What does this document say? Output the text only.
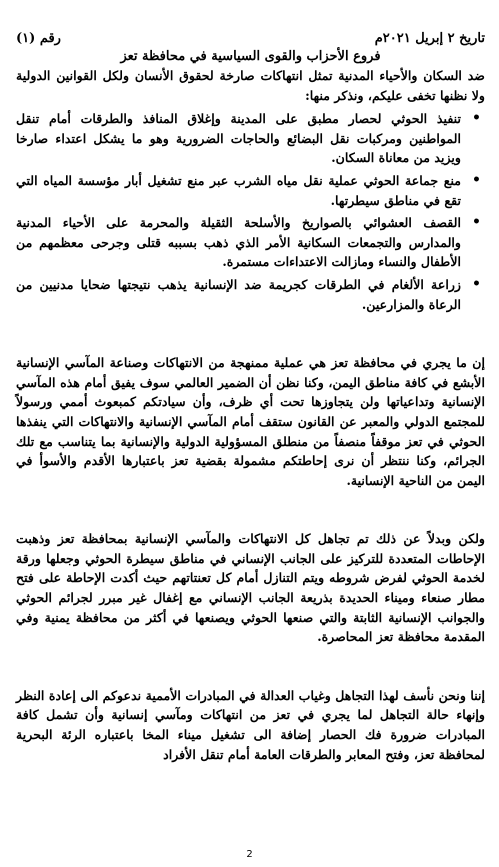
تاريخ ٢ إبريل ٢٠٢١م
رقم (١)
فروع الأحزاب والقوى السياسية في محافظة تعز

ضد السكان والأحياء المدنية تمثل انتهاكات صارخة لحقوق الأنسان ولكل القوانين الدولية ولا نظنها تخفى عليكم، ونذكر منها:

• تنفيذ الحوثي لحصار مطبق على المدينة وإغلاق المنافذ والطرقات أمام تنقل المواطنين ومركبات نقل البضائع والحاجات الضرورية وهو ما يشكل اعتداء صارخا ويزيد من معاناة السكان.
• منع جماعة الحوثي عملية نقل مياه الشرب عبر منع تشغيل أبار مؤسسة المياه التي تقع في مناطق سيطرتها.
• القصف العشوائي بالصواريخ والأسلحة الثقيلة والمحرمة على الأحياء المدنية والمدارس والتجمعات السكانية الأمر الذي ذهب بسببه قتلى وجرحى معظمهم من الأطفال والنساء ومازالت الاعتداءات مستمرة.
• زراعة الألغام في الطرقات كجريمة ضد الإنسانية يذهب نتيجتها ضحايا مدنيين من الرعاة والمزارعين.

إن ما يجري في محافظة تعز هي عملية ممنهجة من الانتهاكات وصناعة المآسي الإنسانية الأبشع في كافة مناطق اليمن، وكنا نظن أن الضمير العالمي سوف يفيق أمام هذه المآسي الإنسانية وتداعياتها ولن يتجاوزها تحت أي ظرف، وأن سيادتكم كمبعوث أممي ورسولاً للمجتمع الدولي والمعبر عن القانون ستقف أمام المآسي الإنسانية والانتهاكات التي ينفذها الحوثي في تعز موقفاً منصفاً من منطلق المسؤولية الدولية والإنسانية بما يتناسب مع تلك الجرائم، وكنا ننتظر أن نرى إحاطتكم مشمولة بقضية تعز باعتبارها الأقدم والأسوأ في اليمن من الناحية الإنسانية.

ولكن وبدلاً عن ذلك تم تجاهل كل الانتهاكات والمآسي الإنسانية بمحافظة تعز وذهبت الإحاطات المتعددة للتركيز على الجانب الإنساني في مناطق سيطرة الحوثي وجعلها ورقة لخدمة الحوثي لفرض شروطه ويتم التنازل أمام كل تعنتاتهم حيث أكدت الإحاطة على فتح مطار صنعاء وميناء الحديدة بذريعة الجانب الإنساني مع إغفال غير مبرر لجرائم الحوثي والجوانب الإنسانية الثابتة والتي صنعها الحوثي ويصنعها في أكثر من محافظة يمنية وفي المقدمة محافظة تعز المحاصرة.

إننا ونحن نأسف لهذا التجاهل وغياب العدالة في المبادرات الأممية ندعوكم الى إعادة النظر وإنهاء حالة التجاهل لما يجري في تعز من انتهاكات ومآسي إنسانية وأن تشمل كافة المبادرات ضرورة فك الحصار إضافة الى تشغيل ميناء المخا باعتباره الرئة البحرية لمحافظة تعز، وفتح المعابر والطرقات العامة أمام تنقل الأفراد

2
